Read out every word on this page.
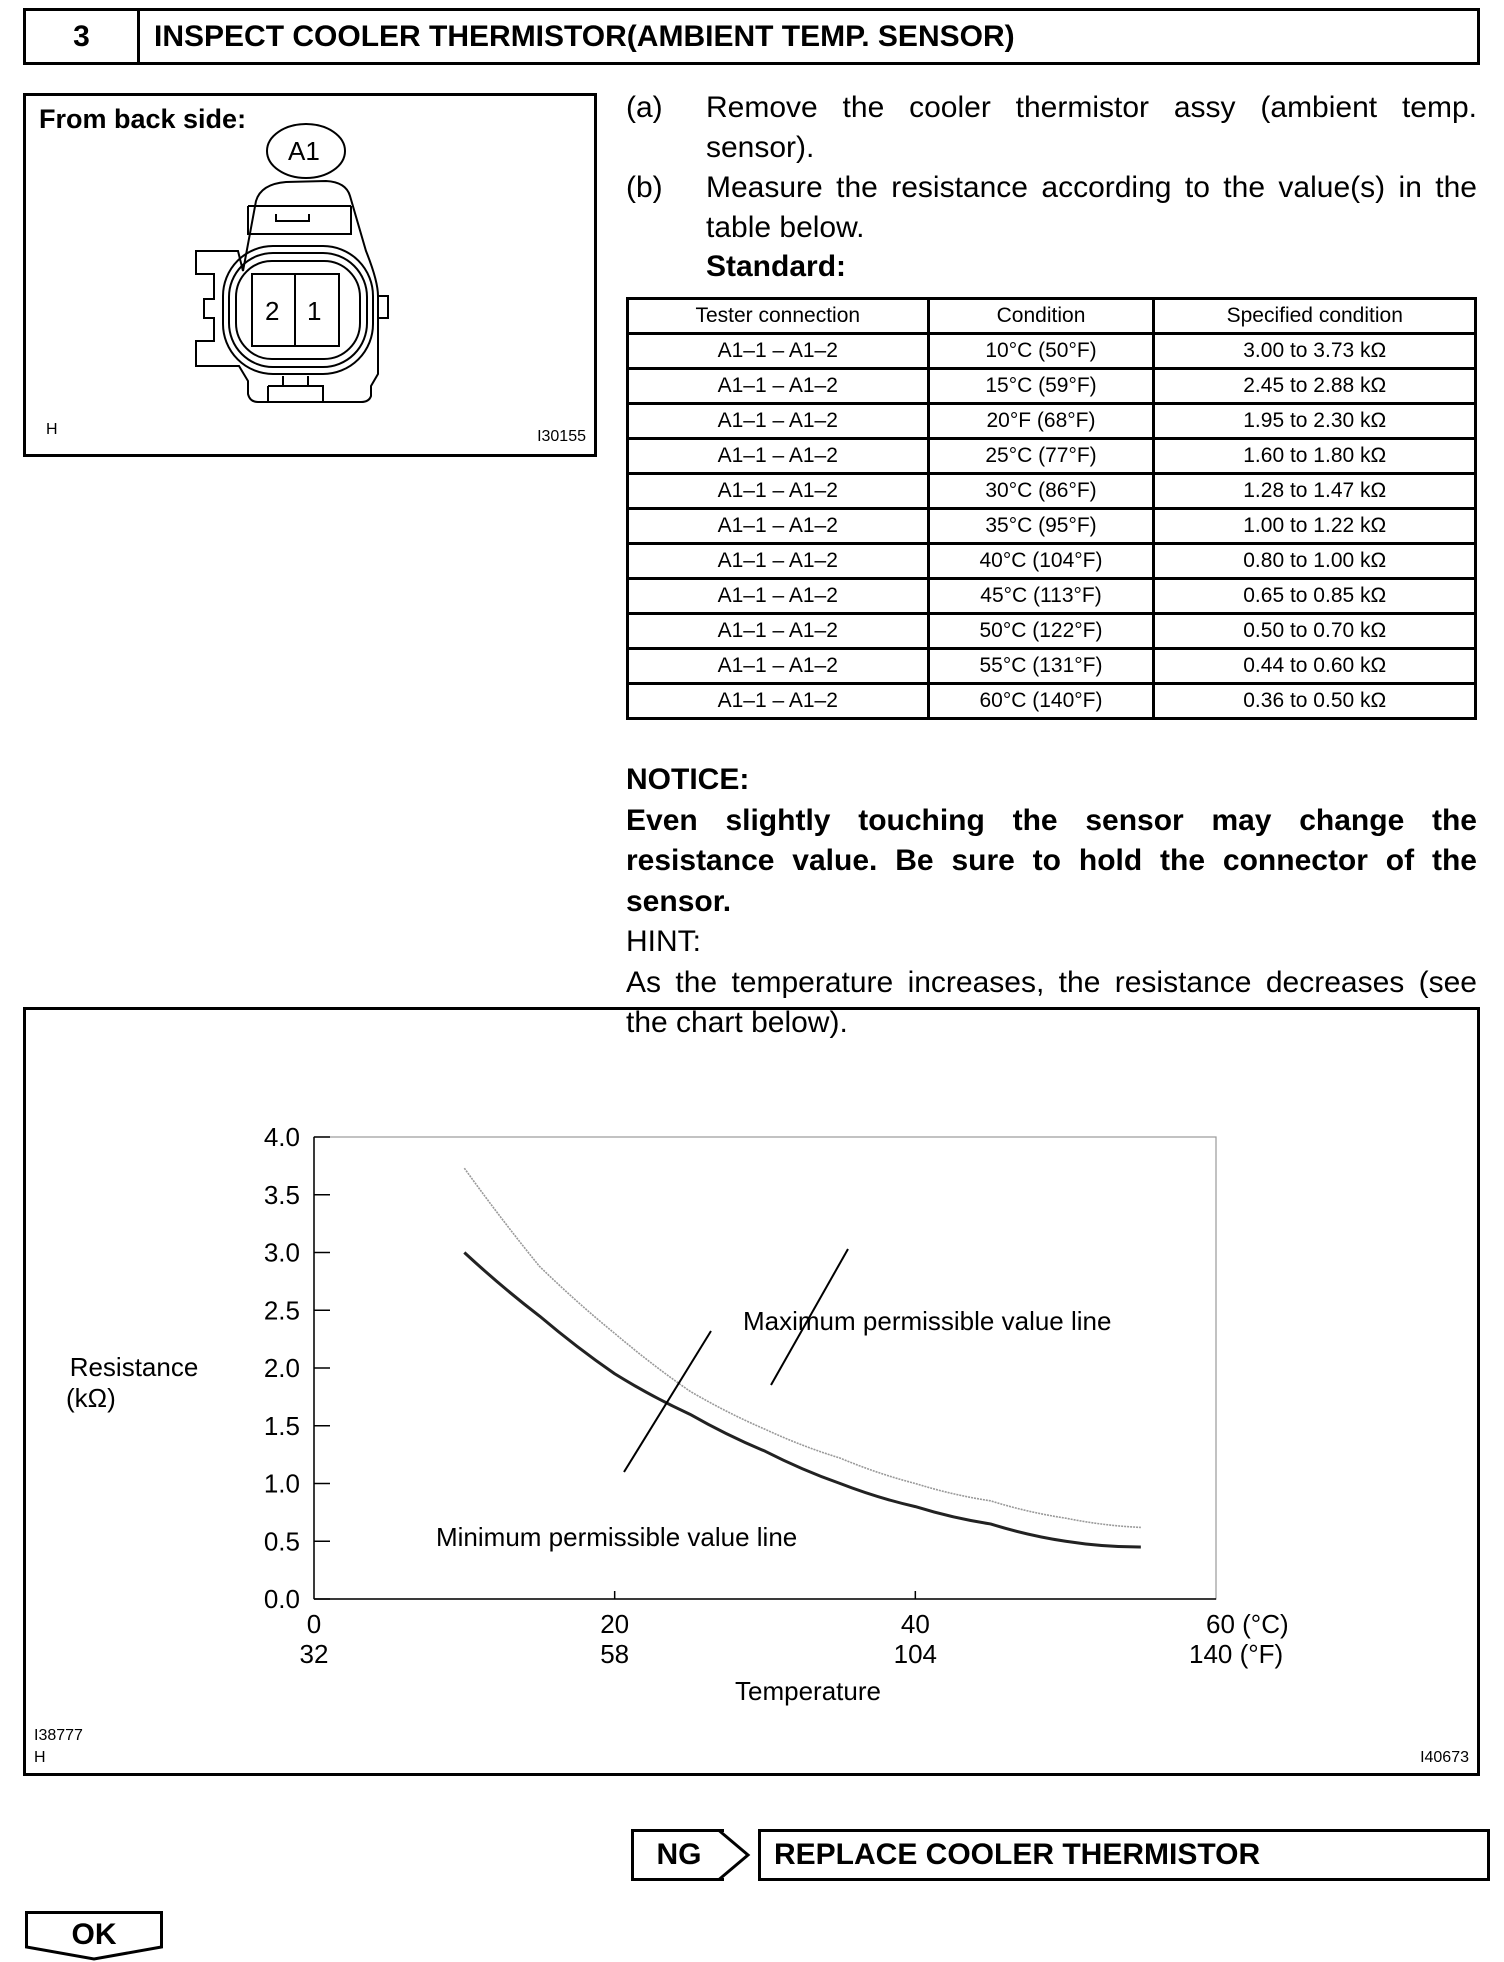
3	INSPECT COOLER THERMISTOR(AMBIENT TEMP. SENSOR)
From back side:
A1
2 1
H	I30155
(a) Remove the cooler thermistor assy (ambient temp. sensor).
(b) Measure the resistance according to the value(s) in the table below.
Standard:
Tester connection	Condition	Specified condition
A1–1 – A1–2	10°C (50°F)	3.00 to 3.73 kΩ
A1–1 – A1–2	15°C (59°F)	2.45 to 2.88 kΩ
A1–1 – A1–2	20°F (68°F)	1.95 to 2.30 kΩ
A1–1 – A1–2	25°C (77°F)	1.60 to 1.80 kΩ
A1–1 – A1–2	30°C (86°F)	1.28 to 1.47 kΩ
A1–1 – A1–2	35°C (95°F)	1.00 to 1.22 kΩ
A1–1 – A1–2	40°C (104°F)	0.80 to 1.00 kΩ
A1–1 – A1–2	45°C (113°F)	0.65 to 0.85 kΩ
A1–1 – A1–2	50°C (122°F)	0.50 to 0.70 kΩ
A1–1 – A1–2	55°C (131°F)	0.44 to 0.60 kΩ
A1–1 – A1–2	60°C (140°F)	0.36 to 0.50 kΩ
NOTICE:
Even slightly touching the sensor may change the resistance value. Be sure to hold the connector of the sensor.
HINT:
As the temperature increases, the resistance decreases (see the chart below).
0.0
0.5
1.0
1.5
2.0
2.5
3.0
3.5
4.0
0
32
20
58
40
104
60 (°C)
140 (°F)
Resistance
(kΩ)
Temperature
Maximum permissible value line
Minimum permissible value line
I38777
H	I40673
NG	REPLACE COOLER THERMISTOR
OK
